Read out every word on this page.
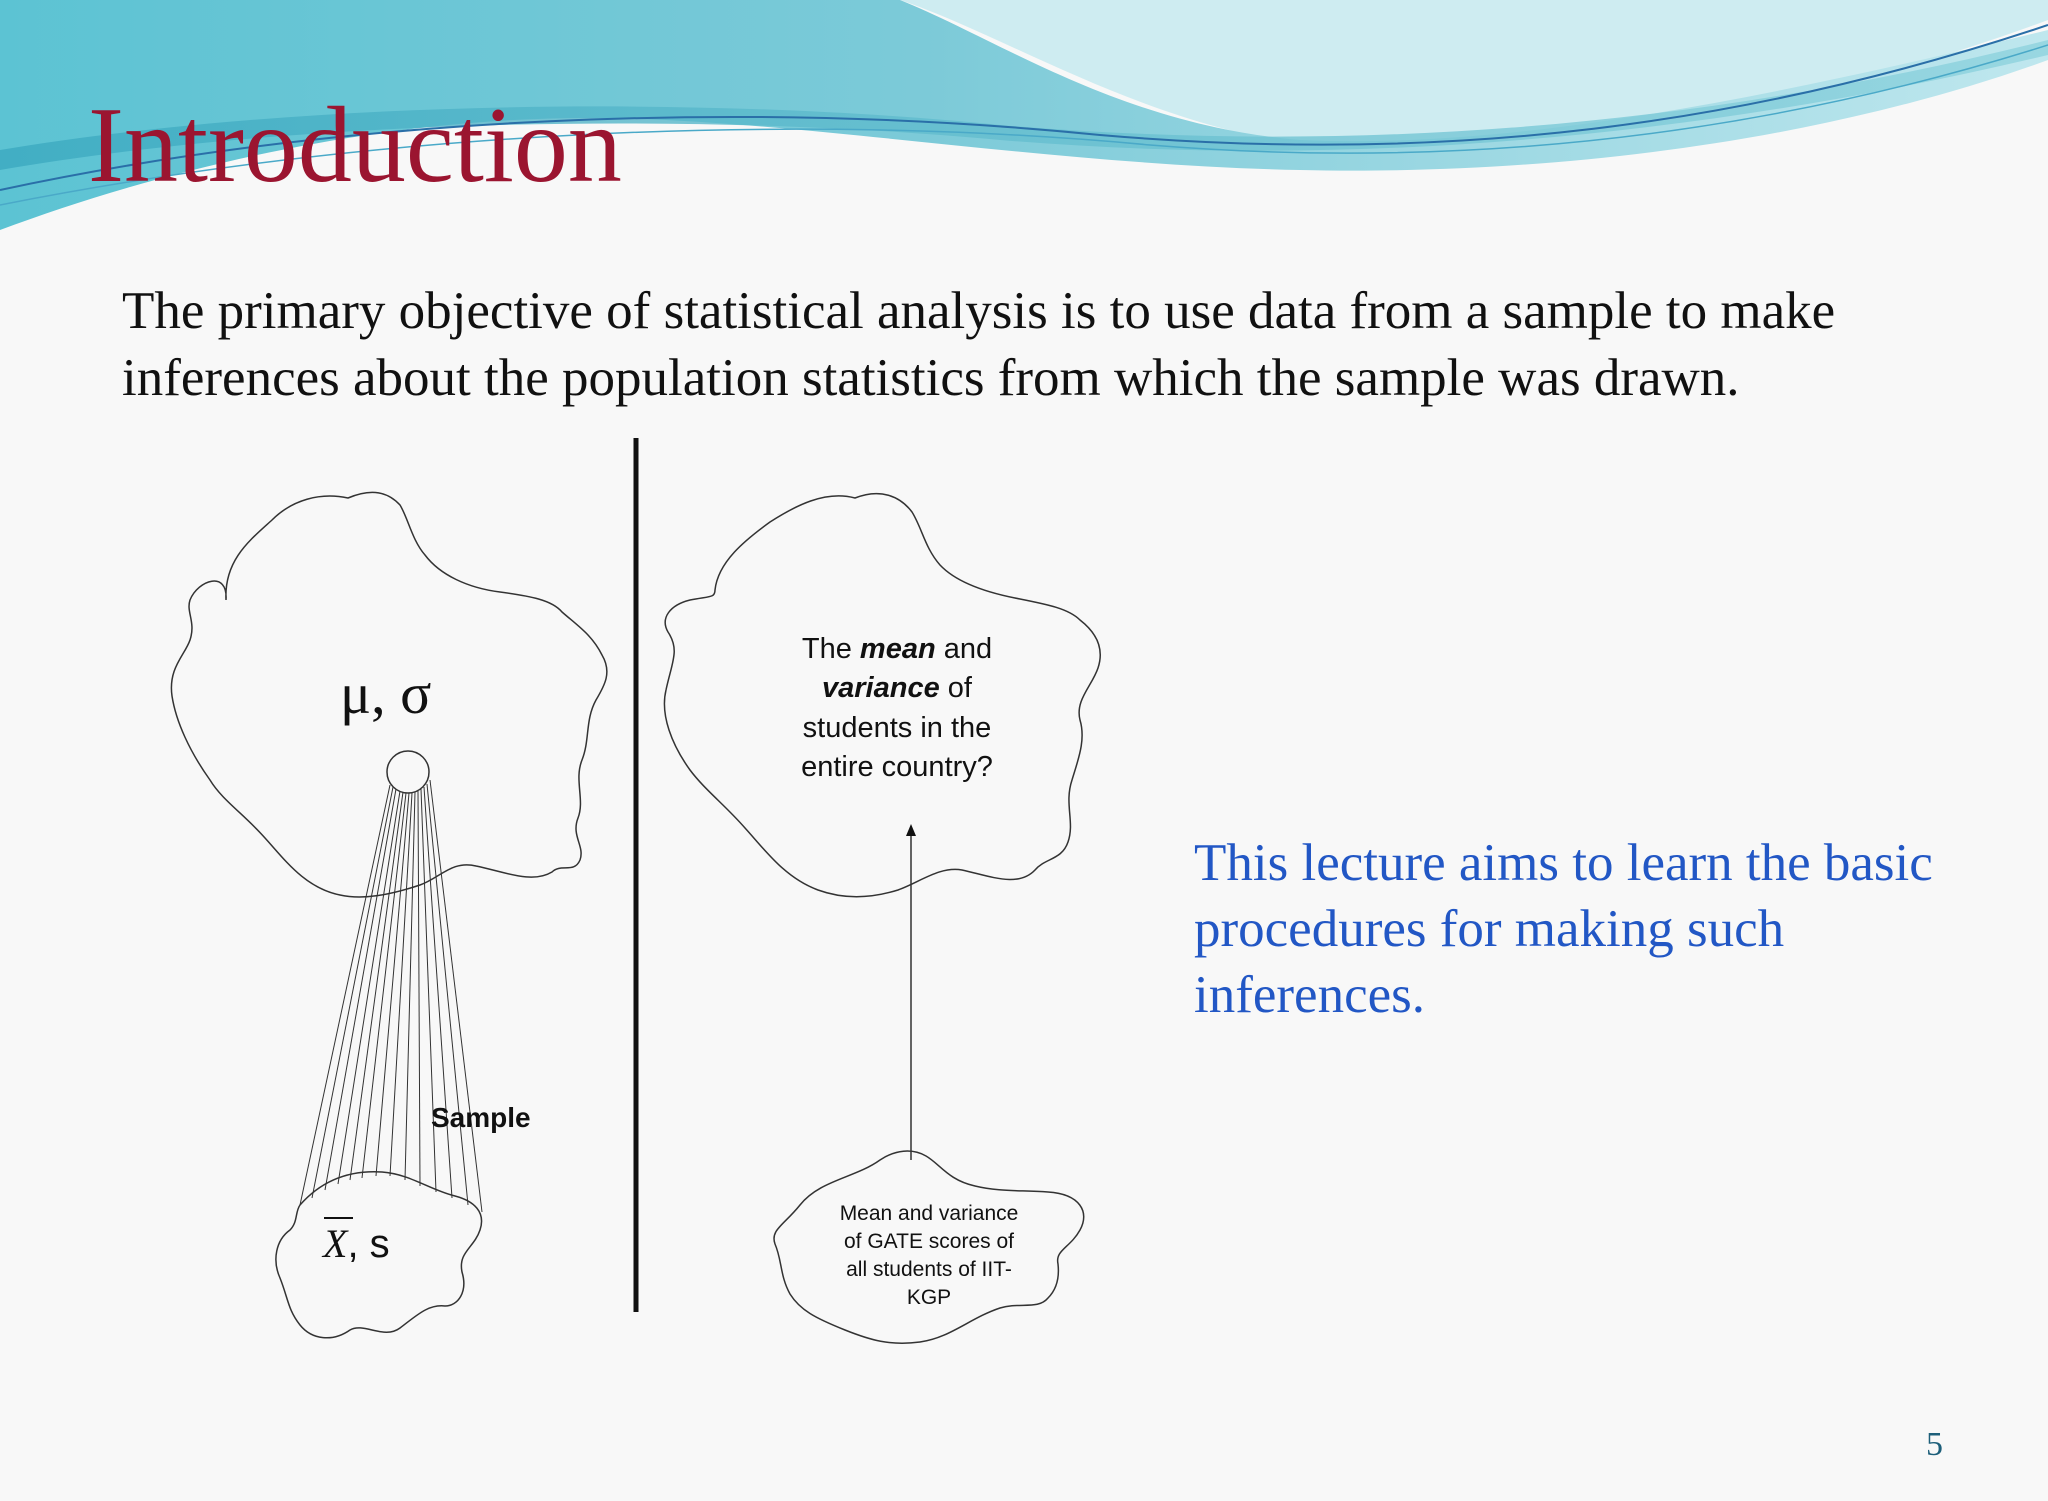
Introduction

The primary objective of statistical analysis is to use data from a sample to make inferences about the population statistics from which the sample was drawn.

μ, σ
Sample
X, s
The mean and
variance of
students in the
entire country?
Mean and variance
of GATE scores of
all students of IIT-
KGP

This lecture aims to learn the basic procedures for making such inferences.

5
